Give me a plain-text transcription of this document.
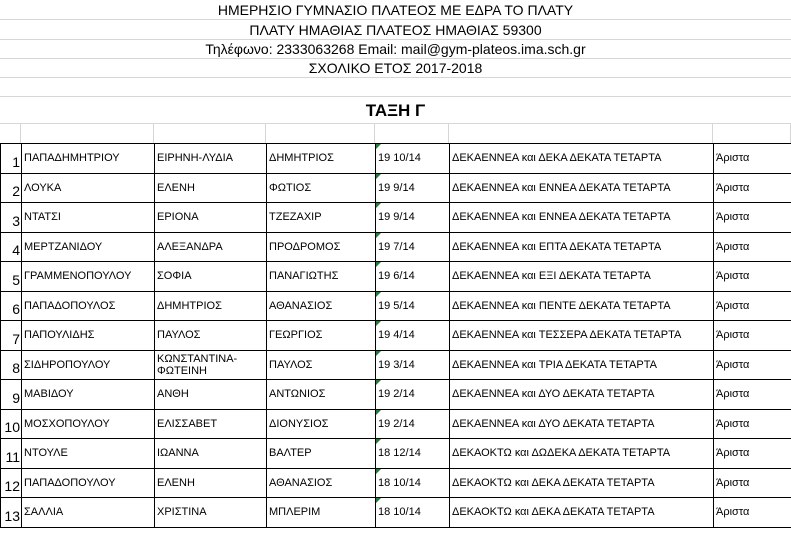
ΗΜΕΡΗΣΙΟ ΓΥΜΝΑΣΙΟ ΠΛΑΤΕΟΣ ΜΕ ΕΔΡΑ ΤΟ ΠΛΑΤΥ
ΠΛΑΤΥ ΗΜΑΘΙΑΣ ΠΛΑΤΕΟΣ ΗΜΑΘΙΑΣ 59300
Τηλέφωνο: 2333063268 Email: mail@gym-plateos.ima.sch.gr
ΣΧΟΛΙΚΟ ΕΤΟΣ 2017-2018
ΤΑΞΗ Γ
1	ΠΑΠΑΔΗΜΗΤΡΙΟΥ	ΕΙΡΗΝΗ-ΛΥΔΙΑ	ΔΗΜΗΤΡΙΟΣ	19 10/14	ΔΕΚΑΕΝΝΕΑ και ΔΕΚΑ ΔΕΚΑΤΑ ΤΕΤΑΡΤΑ	Άριστα
2	ΛΟΥΚΑ	ΕΛΕΝΗ	ΦΩΤΙΟΣ	19 9/14	ΔΕΚΑΕΝΝΕΑ και ΕΝΝΕΑ ΔΕΚΑΤΑ ΤΕΤΑΡΤΑ	Άριστα
3	ΝΤΑΤΣΙ	ΕΡΙΟΝΑ	ΤΖΕΖΑΧΙΡ	19 9/14	ΔΕΚΑΕΝΝΕΑ και ΕΝΝΕΑ ΔΕΚΑΤΑ ΤΕΤΑΡΤΑ	Άριστα
4	ΜΕΡΤΖΑΝΙΔΟΥ	ΑΛΕΞΑΝΔΡΑ	ΠΡΟΔΡΟΜΟΣ	19 7/14	ΔΕΚΑΕΝΝΕΑ και ΕΠΤΑ ΔΕΚΑΤΑ ΤΕΤΑΡΤΑ	Άριστα
5	ΓΡΑΜΜΕΝΟΠΟΥΛΟΥ	ΣΟΦΙΑ	ΠΑΝΑΓΙΩΤΗΣ	19 6/14	ΔΕΚΑΕΝΝΕΑ και ΕΞΙ ΔΕΚΑΤΑ ΤΕΤΑΡΤΑ	Άριστα
6	ΠΑΠΑΔΟΠΟΥΛΟΣ	ΔΗΜΗΤΡΙΟΣ	ΑΘΑΝΑΣΙΟΣ	19 5/14	ΔΕΚΑΕΝΝΕΑ και ΠΕΝΤΕ ΔΕΚΑΤΑ ΤΕΤΑΡΤΑ	Άριστα
7	ΠΑΠΟΥΛΙΔΗΣ	ΠΑΥΛΟΣ	ΓΕΩΡΓΙΟΣ	19 4/14	ΔΕΚΑΕΝΝΕΑ και ΤΕΣΣΕΡΑ ΔΕΚΑΤΑ ΤΕΤΑΡΤΑ	Άριστα
8	ΣΙΔΗΡΟΠΟΥΛΟΥ	ΚΩΝΣΤΑΝΤΙΝΑ-ΦΩΤΕΙΝΗ	ΠΑΥΛΟΣ	19 3/14	ΔΕΚΑΕΝΝΕΑ και ΤΡΙΑ ΔΕΚΑΤΑ ΤΕΤΑΡΤΑ	Άριστα
9	ΜΑΒΙΔΟΥ	ΑΝΘΗ	ΑΝΤΩΝΙΟΣ	19 2/14	ΔΕΚΑΕΝΝΕΑ και ΔΥΟ ΔΕΚΑΤΑ ΤΕΤΑΡΤΑ	Άριστα
10	ΜΟΣΧΟΠΟΥΛΟΥ	ΕΛΙΣΣΑΒΕΤ	ΔΙΟΝΥΣΙΟΣ	19 2/14	ΔΕΚΑΕΝΝΕΑ και ΔΥΟ ΔΕΚΑΤΑ ΤΕΤΑΡΤΑ	Άριστα
11	ΝΤΟΥΛΕ	ΙΩΑΝΝΑ	ΒΑΛΤΕΡ	18 12/14	ΔΕΚΑΟΚΤΩ και ΔΩΔΕΚΑ ΔΕΚΑΤΑ ΤΕΤΑΡΤΑ	Άριστα
12	ΠΑΠΑΔΟΠΟΥΛΟΥ	ΕΛΕΝΗ	ΑΘΑΝΑΣΙΟΣ	18 10/14	ΔΕΚΑΟΚΤΩ και ΔΕΚΑ ΔΕΚΑΤΑ ΤΕΤΑΡΤΑ	Άριστα
13	ΣΑΛΛΙΑ	ΧΡΙΣΤΙΝΑ	ΜΠΛΕΡΙΜ	18 10/14	ΔΕΚΑΟΚΤΩ και ΔΕΚΑ ΔΕΚΑΤΑ ΤΕΤΑΡΤΑ	Άριστα
